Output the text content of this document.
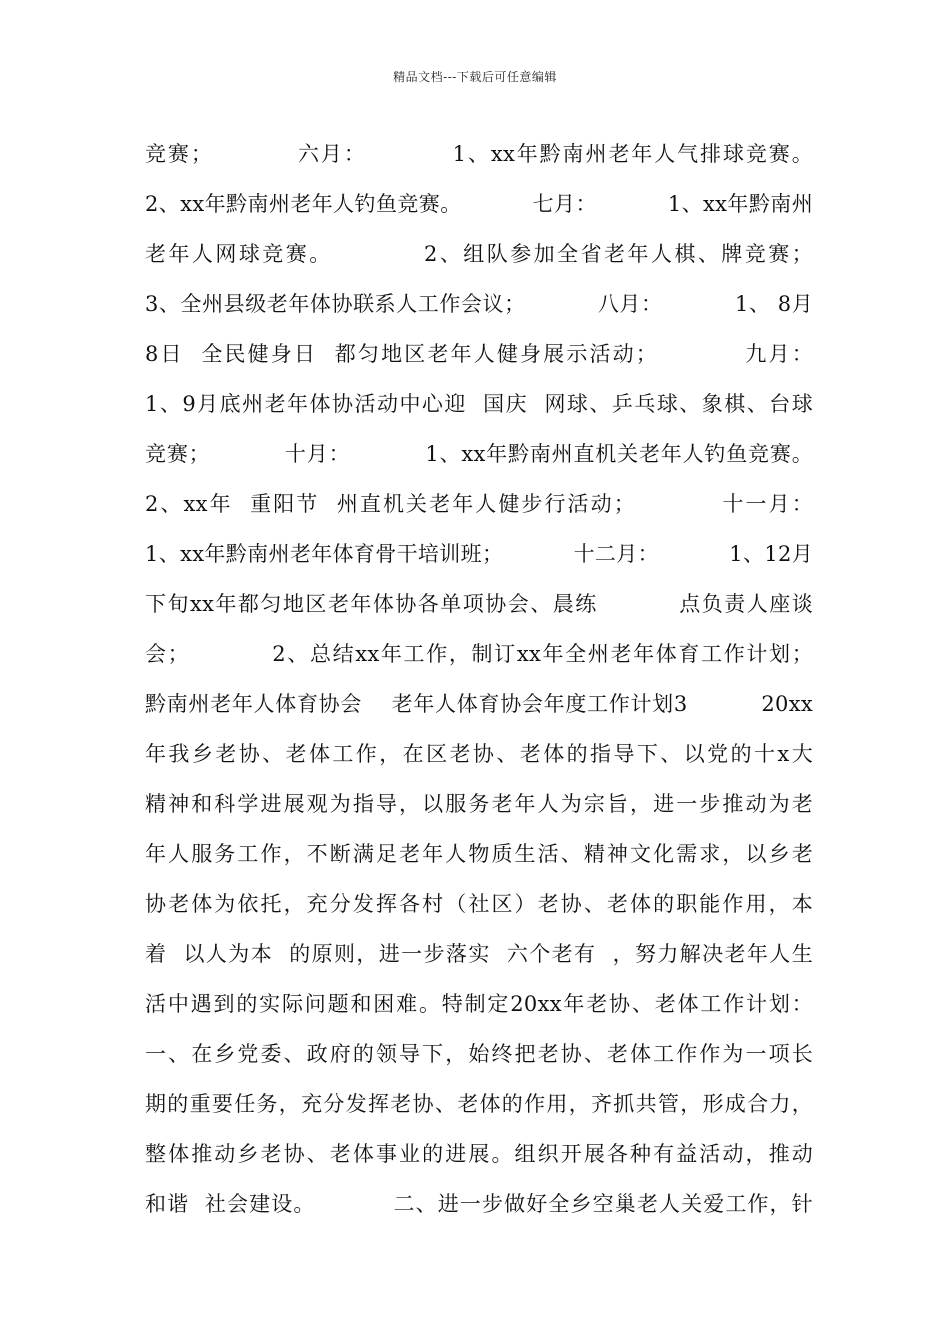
精品文档---下载后可任意编辑
竞赛；          六月：          1、xx年黔南州老年人气排球竞赛。
2、xx年黔南州老年人钓鱼竞赛。          七月：          1、xx年黔南州
老年人网球竞赛。          2、组队参加全省老年人棋、牌竞赛；
3、全州县级老年体协联系人工作会议；          八月：          1、 8月
8日  全民健身日  都匀地区老年人健身展示活动；          九月：
1、9月底州老年体协活动中心迎  国庆  网球、乒乓球、象棋、台球
竞赛；          十月：          1、xx年黔南州直机关老年人钓鱼竞赛。
2、xx年  重阳节  州直机关老年人健步行活动；          十一月：
1、xx年黔南州老年体育骨干培训班；          十二月：          1、12月
下旬xx年都匀地区老年体协各单项协会、晨练          点负责人座谈
会；          2、总结xx年工作，制订xx年全州老年体育工作计划；
黔南州老年人体育协会    老年人体育协会年度工作计划3          20xx
年我乡老协、老体工作，在区老协、老体的指导下、以党的十x大
精神和科学进展观为指导，以服务老年人为宗旨，进一步推动为老
年人服务工作，不断满足老年人物质生活、精神文化需求，以乡老
协老体为依托，充分发挥各村（社区）老协、老体的职能作用，本
着  以人为本  的原则，进一步落实  六个老有  ，努力解决老年人生
活中遇到的实际问题和困难。特制定20xx年老协、老体工作计划：
一、在乡党委、政府的领导下，始终把老协、老体工作作为一项长
期的重要任务，充分发挥老协、老体的作用，齐抓共管，形成合力，
整体推动乡老协、老体事业的进展。组织开展各种有益活动，推动
和谐  社会建设。          二、进一步做好全乡空巢老人关爱工作，针
